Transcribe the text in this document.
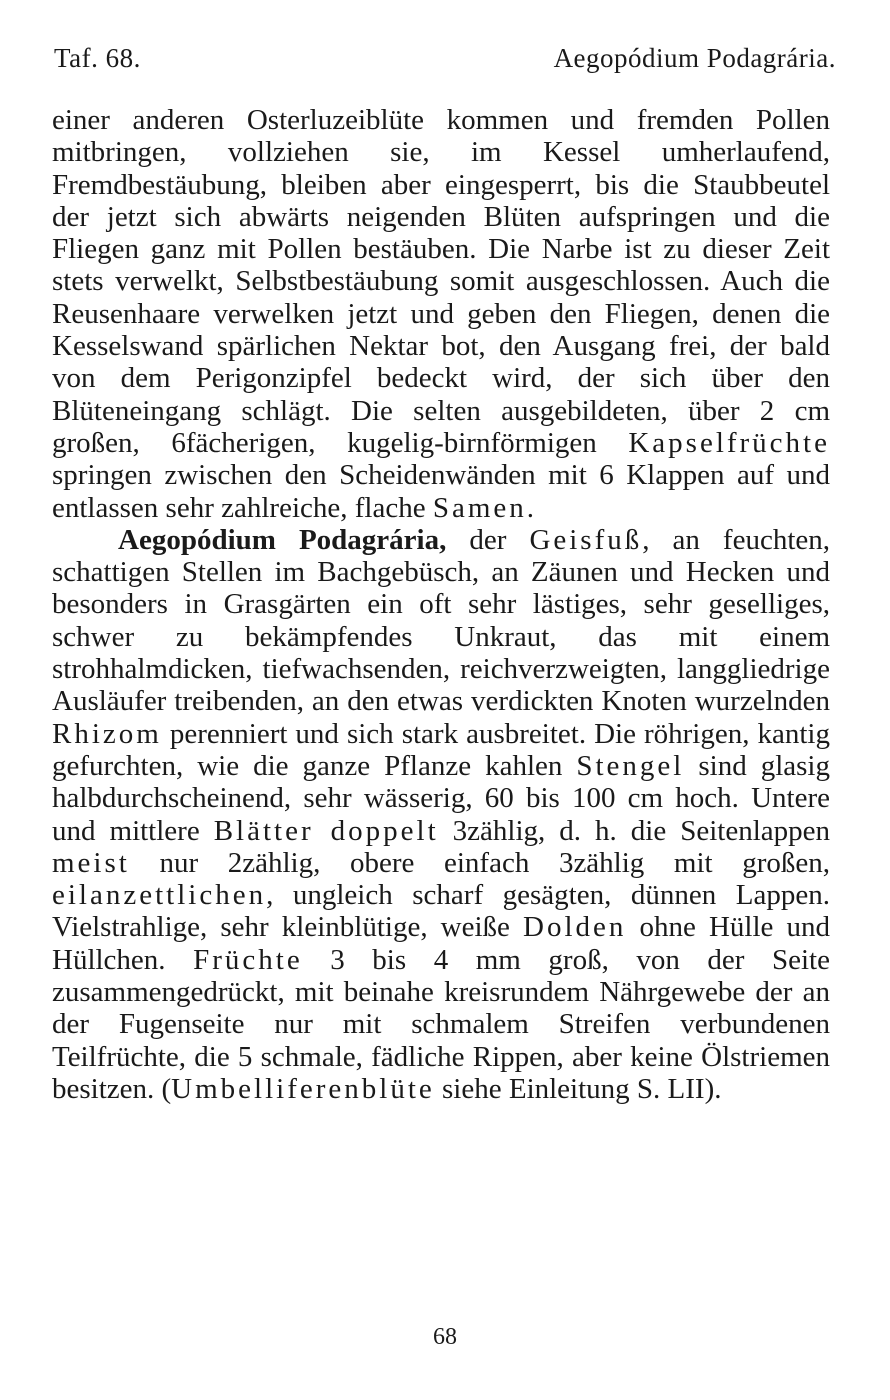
Taf. 68.	Aegopódium Podagrária.

einer anderen Osterluzeiblüte kommen und fremden Pollen mitbringen, vollziehen sie, im Kessel umherlaufend, Fremdbestäubung, bleiben aber eingesperrt, bis die Staubbeutel der jetzt sich abwärts neigenden Blüten aufspringen und die Fliegen ganz mit Pollen bestäuben. Die Narbe ist zu dieser Zeit stets verwelkt, Selbstbestäubung somit ausgeschlossen. Auch die Reusenhaare verwelken jetzt und geben den Fliegen, denen die Kesselswand spärlichen Nektar bot, den Ausgang frei, der bald von dem Perigonzipfel bedeckt wird, der sich über den Blüteneingang schlägt. Die selten ausgebildeten, über 2 cm großen, 6fächerigen, kugelig-birnförmigen Kapselfrüchte springen zwischen den Scheidenwänden mit 6 Klappen auf und entlassen sehr zahlreiche, flache Samen.

Aegopódium Podagrária, der Geisfuß, an feuchten, schattigen Stellen im Bachgebüsch, an Zäunen und Hecken und besonders in Grasgärten ein oft sehr lästiges, sehr geselliges, schwer zu bekämpfendes Unkraut, das mit einem strohhalmdicken, tiefwachsenden, reichverzweigten, langgliedrige Ausläufer treibenden, an den etwas verdickten Knoten wurzelnden Rhizom perenniert und sich stark ausbreitet. Die röhrigen, kantig gefurchten, wie die ganze Pflanze kahlen Stengel sind glasig halbdurchscheinend, sehr wässerig, 60 bis 100 cm hoch. Untere und mittlere Blätter doppelt 3zählig, d. h. die Seitenlappen meist nur 2zählig, obere einfach 3zählig mit großen, eilanzettlichen, ungleich scharf gesägten, dünnen Lappen. Vielstrahlige, sehr kleinblütige, weiße Dolden ohne Hülle und Hüllchen. Früchte 3 bis 4 mm groß, von der Seite zusammengedrückt, mit beinahe kreisrundem Nährgewebe der an der Fugenseite nur mit schmalem Streifen verbundenen Teilfrüchte, die 5 schmale, fädliche Rippen, aber keine Ölstriemen besitzen. (Umbelliferenblüte siehe Einleitung S. LII).

68
